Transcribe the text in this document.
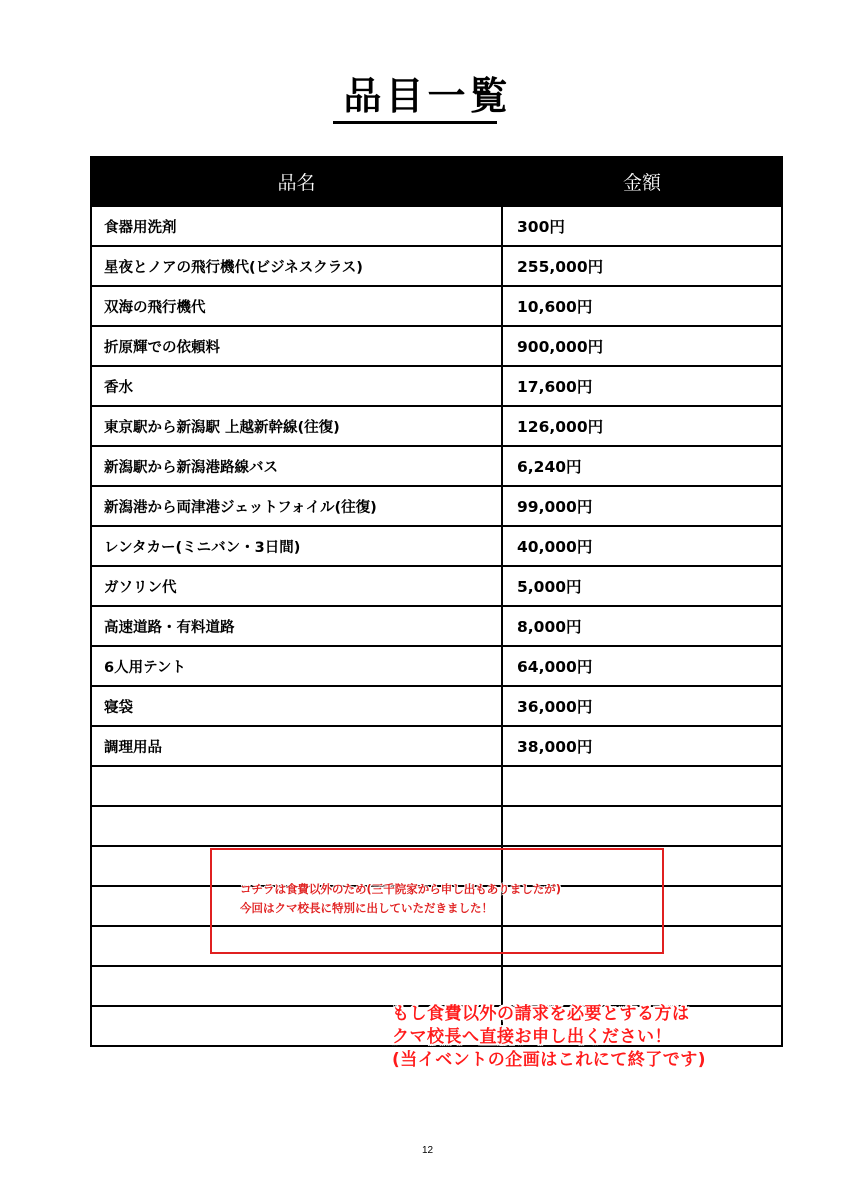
品目一覧
品名	金額
食器用洗剤	300円
星夜とノアの飛行機代(ビジネスクラス)	255,000円
双海の飛行機代	10,600円
折原輝での依頼料	900,000円
香水	17,600円
東京駅から新潟駅 上越新幹線(往復)	126,000円
新潟駅から新潟港路線バス	6,240円
新潟港から両津港ジェットフォイル(往復)	99,000円
レンタカー(ミニバン・3日間)	40,000円
ガソリン代	5,000円
高速道路・有料道路	8,000円
6人用テント	64,000円
寝袋	36,000円
調理用品	38,000円

コチラは食費以外のため(三千院家から申し出もありましたが)
今回はクマ校長に特別に出していただきました！
もし食費以外の請求を必要とする方は
クマ校長へ直接お申し出ください！
(当イベントの企画はこれにて終了です)
12
